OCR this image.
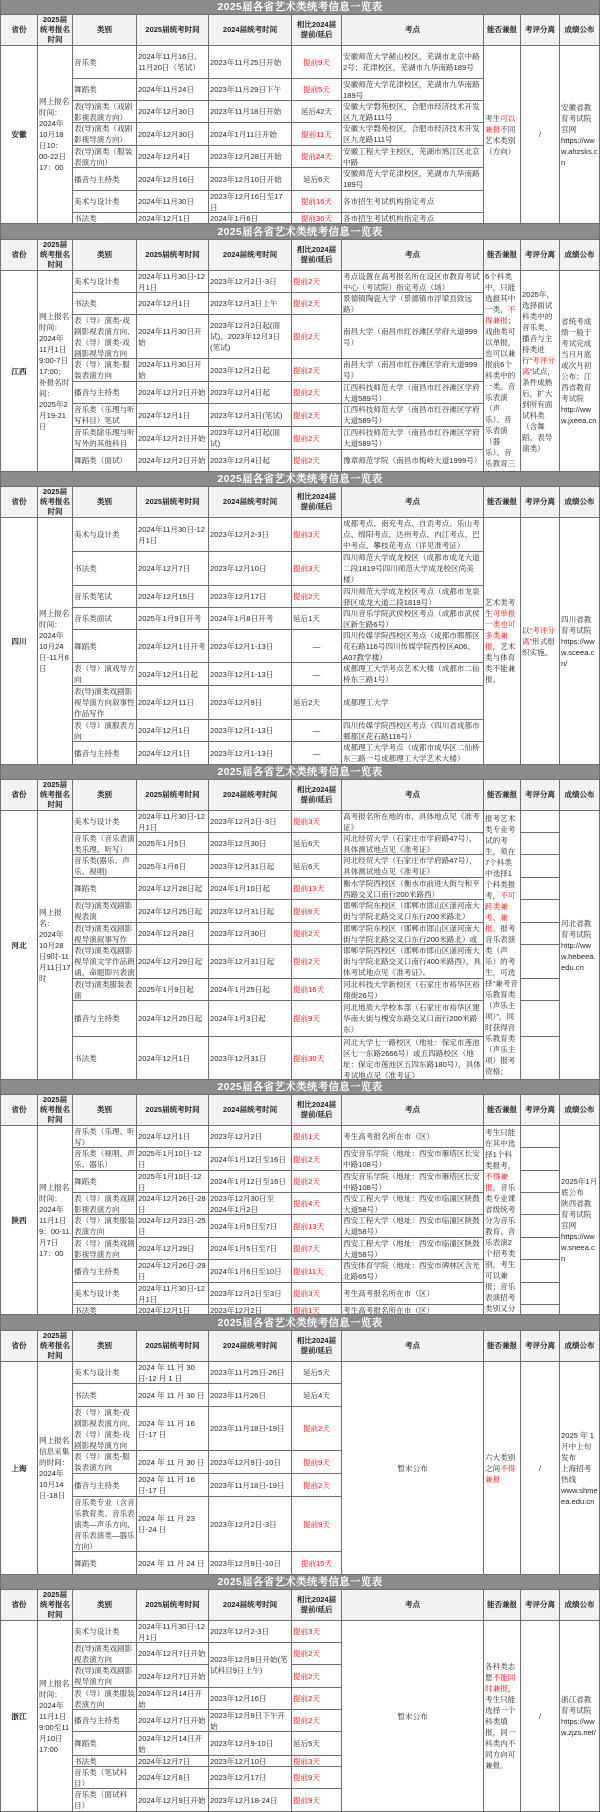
2025届各省艺术类统考信息一览表
省份
2025届统考报名时间
类别	2025届统考时间	2024届统考时间
相比2024届提前/延后
考点	能否兼报	考评分离	成绩公布
安徽
网上报名时间：2024年10月18日10：00-22日17：00
音乐类
2024年11月16日、11月20日（笔试）
2023年11月25日开始	提前9天
安徽师范大学赭山校区，芜湖市北京中路2号；花津校区，芜湖市九华南路189号
舞蹈类	2024年11月24日	2023年11月29日下午	提前5天
安徽师范大学花津校区，芜湖市九华南路189号
表(导)演类（戏剧影视表演方向）
2024年12月30日	2023年11月18日开始	延后42天
安徽大学磬苑校区，合肥市经济技术开发区九龙路111号
表(导)演类（戏剧影视导演方向）
2024年12月30日	2024年1月11日开始	提前11天
安徽大学磬苑校区，合肥市经济技术开发区九龙路111号
表(导)演类（服装表演方向）
2024年12月4日	2023年12月28日开始	提前24天
安徽工程大学主校区，芜湖市鸠江区北京中路
播音与主持类	2024年12月16日	2023年12月10日开始	延后6天
安徽师范大学花津校区，芜湖市九华南路189号
美术与设计类	2024年11月30日
2023年12月16日至17日
提前16天	各市招生考试机构指定考点
书法类	2024年12月1日	2024年1月6日	提前36天	各市招生考试机构指定考点
考生可以兼报不同艺术类别（方向）
/
安徽省教育考试院官网
https://www.ahzsks.cn
2025届各省艺术类统考信息一览表
省份
2025届统考报名时间
类别	2025届统考时间	2024届统考时间
相比2024届提前/延后
考点	能否兼报	考评分离	成绩公布
江西
网上报名时间：2024年11月1日9:00-7日17:00；补报名时间：2025年2月19-21日
美术与设计类
2024年11月30日-12月1日
2023年12月2日-3日	提前2天
考点设置在高考报名所在设区市教育考试中心（考试院）指定考点（场）
书法类	2024年12月1日	2023年12月3日上午	提前2天
景德镇陶瓷大学（景德镇市浮梁县致远路）
表（导）演类-戏剧影视表演方向、表（导）演类-戏剧影视导演方向
2024年11月30日开始
2023年12月2日起(面试)、2023年12月3日(笔试)
提前2天
南昌大学（南昌市红谷滩区学府大道999号）
表（导）演类-服装表演方向
2024年11月30日开始
2023年12月2日起	提前2天
南昌大学（南昌市红谷滩区学府大道999号）
播音与主持类	2024年12月2日开始 2023年12月4日起	提前2天
江西科技师范大学（南昌市红谷滩区学府大道589号）
音乐类（乐理与听写科目）笔试
2024年12月1日	2023年12月3日(笔试)	提前2天
江西科技师范大学（南昌市红谷滩区学府大道589号）
音乐类除乐理与听写外的其他科目
2024年12月2日开始
2023年12月4日起(面试)
提前2天
江西科技师范大学（南昌市红谷滩区学府大道589号）
舞蹈类（面试）	2024年12月2日开始 2023年12月4日起	提前2天	豫章师范学院（南昌市梅岭大道1999号）
6个科类中，只能选报其中一类，不得兼报；戏曲类可以单报，也可以兼报前6个科类中的一类。音乐表演（声乐）、音乐表演（器乐）、音乐教育三
2025年，选择面试科类中的音乐类、播音与主持类进行“考评分离”试点，条件成熟后，扩大到所有面试科类（含舞蹈、表导演类）
省统考成绩一般于考试完成当月月底或次月初公布；江西省教育考试院
http://www.jxeea.cn
2025届各省艺术类统考信息一览表
省份
2025届统考报名时间
类别	2025届统考时间	2024届统考时间
相比2024届提前/延后
考点	能否兼报	考评分离	成绩公布
四川
网上报名时间：2024年10月24日-11月6日
美术与设计类
2024年11月30日-12月1日
2023年12月2-3日	提前3天
成都考点、南充考点、自贡考点、乐山考点、绵阳考点、达州考点、内江考点、巴中考点、攀枝花考点（详见准考证）
书法类	2024年12月7日	2023年12月10日	提前3天
四川师范大学成龙校区（成都市成龙大道二段1819号四川师范大学成龙校区尚美楼）
音乐类笔试	2024年12月15日	2023年12月17日	提前2天
四川师范大学成龙校区考点（成都市龙泉驿区成龙大道二段1819号）
音乐类面试	2025年1月9日开考	2024年1月8日开考	延后1天
四川音乐学院武侯校区考点（成都市武侯区新生路6号）
舞蹈类	2024年12月1日开考 2023年12月1-13日	—
四川传媒学院西校区考点（成都市郫都区花石路116号四川传媒学院西校区A06、A07教学楼）
表（导）演戏导方向
2024年12月1日起	2023年12月1-13日	—
成都理工大学考点艺术大楼（成都市二仙桥东三路1号）
表(导)演类戏剧影视导演方向叙事性作品写作
2024年12月11日	2023年12月9日	延后2天	成都理工大学
表（导）演服表方向
2024年12月1日	2023年12月1-13日	—
四川传媒学院西校区考点（四川省成都市郫都区花石路116号）
播音与主持类	2024年12月1日	2023年12月1-13日	—
成都理工大学考点（成都市成华区二仙桥东三路一号成都理工大学艺术大楼）
艺术类考生可单报一类也可多类兼报，艺术类与体育类不能兼报。
以“考评分离”形式组织实施。
四川省教育考试院
https://www.sceea.cn/
2025届各省艺术类统考信息一览表
省份
2025届统考报名时间
类别	2025届统考时间	2024届统考时间
相比2024届提前/延后
考点	能否兼报	考评分离	成绩公布
河北
网上报名：2024年10月28日9时-11月11日17时
美术与设计类
2024年11月30日-12月1日
2023年12月2日-3日	提前3天
高考报名所在地的市，具体地点见《准考证》
音乐类（音乐表演类乐理、听写）
2025年1月5日	2023年12月30日	延后6天
河北经贸大学（石家庄市学府路47号），具体测试地点见《准考证》
音乐类(器乐、声乐、视唱)
2025年1月6日	2023年12月31日起	延后6天
河北经贸大学（石家庄市学府路47号），具体测试地点见《准考证》
舞蹈类	2024年12月28日起	2024年1月10日起	提前13天
衡水学院西校区（衡水市前进大街与和平西路交叉口南行200米路西）
表(导)演类戏剧影视表演
2024年12月25日起	2023年12月31日起	提前6天
邯郸学院东校区（邯郸市邯山区滏河南大街与学院北路交叉口东行200米路北）
表(导)演类戏剧影视导演叙事写作
2024年12月28日	2023年12月30日	提前2天
邯郸学院东校区（邯郸市邯山区滏河南大街与学院北路交叉口东行200米路北）或
表(导)演类戏剧影视导演文学作品朗诵、命题即兴表演
2024年12月29日起	2023年12月31日起	提前2天
邯郸学院西校区（邯郸市邯山区滏河南大街与学院北路交叉口南行400米路西），具体考试地点见《准考证》。
表(导)演类服装表演
2025年1月9日起	2024年1月25日起	提前16天
河北科技大学新校区（石家庄市裕华区裕翔街26号）
播音与主持类	2024年12月25日起	2024年1月3日起	提前9天
河北地质大学校本部（石家庄市裕华区建华南大街与槐安东路交叉口南行200米路东）
书法类	2024年12月1日	2023年12月31日	提前30天
河北大学七一路校区（地址：保定市莲池区七一东路2666号）或五四路校区（地址：保定市莲池区五四东路180号），具体考试地点见《准考证》
报考艺术类专业考试的考生，须在7个科类中选择1个科类报考，不可跨类兼考、兼报。报考音乐表演类（声乐）的考生，可选择“兼考音乐教育类（声乐主项）”，同时获得音乐教育类（声乐主项）报考资格；
河北省教育考试院
http://www.hebeea.edu.cn
2025届各省艺术类统考信息一览表
省份
2025届统考报名时间
类别	2025届统考时间	2024届统考时间
相比2024届提前/延后
考点	能否兼报	考评分离	成绩公布
陕西
网上报名时间：2024年11月1日9：00-11月7日17：00
音乐类（乐理、听写）
2024年12月1日	2023年12月2日	提前1天	考生高考报名所在市（区）
音乐类（视唱、声乐、器乐）
2025年1月10日-12日
2024年1月12日至16日 提前2天
西安音乐学院（地址：西安市雁塔区长安中路108号）
舞蹈类
2025年1月10日-12日
2024年1月12日至16日 提前2天
西安音乐学院（地址：西安市雁塔区长安中路108号）
表（导）演类戏剧影视表演方向
2024年12月26日-28日
2023年12月30日至2024年1月2日
提前4天
西安工程大学（地址：西安市临潼区陕鼓大道58号）
表（导）演类服装表演方向
2024年12月23日-25日
2024年1月5日至7日	提前13天
西安工程大学（地址：西安市临潼区陕鼓大道58号）
表（导）演类戏剧影视导演方向
2024年12月29日	2024年1月5日至7日	提前7天
西安工程大学（地址：西安市临潼区陕鼓大道58号）
播音与主持类
2024年12月26日-29日
2024年1月6日至10日	提前11天
西安体育学院（地址：西安市碑林区含光北路65号）
美术与设计类
2024年11月30日-12月1日
2023年12月2日至3日	提前3天	考生高考报名所在市（区）
书法类	2024年12月1日	2023年12月2日	提前1天	考生高考报名所在市（区）
考生只能在其中选择1个科类报考，不得兼报，音乐类专业课省级统考分为音乐教育、音乐表演2个招考类别，考生可以兼报；音乐表演招考类别又分
2025年1月底公布
陕西省教育考试院官网
https://www.sneea.cn
2025届各省艺术类统考信息一览表
省份
2025届统考报名时间
类别	2025届统考时间	2024届统考时间
相比2024届提前/延后
考点	能否兼报	考评分离	成绩公布
上海
网上报名信息采集的时间：2024年10月14日-18日
美术与设计类
2024 年 11 月 30 日-12 月 1 日
2023年11月25日-26日	延后5天
书法类	2024 年 11 月 30 日 2023年11月26日	延后4天
表（导）演类-戏剧影视表演方向、表（导）演类-戏剧影视导演方向
2024 年 11 月 16 日-17 日
2023年11月18日-19日	提前2天
表（导）演类-服装表演方向
2024 年 11 月 30 日 2023年12月9日-10日	提前9天
播音与主持类
2024 年 11 月 16 日-17 日
2023年11月18日-19日	提前2天
音乐类专业（含音乐教育类、音乐表演类—声乐方向、音乐表演类—器乐方向）
2024 年 11 月 23 日-24 日
2023年12月2日-3日	提前9天
舞蹈类	2024 年 11 月 24 日 2023年12月9日-10日	提前15天
暂未公布
六大类别之间不得兼报
/
2025 年 1 月中上旬发布
上海招考热线
www.shmeea.edu.cn
2025届各省艺术类统考信息一览表
省份
2025届统考报名时间
类别	2025届统考时间	2024届统考时间
相比2024届提前/延后
考点	能否兼报	考评分离	成绩公布
浙江
网上报名时间：2024年11月1日9:00至11月10日17:00
美术与设计类
2024年11月30日-12月1日
2023年12月2-3日	提前3天
表(导)演类戏剧影视表演方向
2024年12月7日开始
2023年12月9日开始(笔试科目9日上午)
提前2天
表(导)演类戏剧影视导演方向
2024年12月7日开始	提前2天
表（导）演类服装表演方向
2024年12月14日开始
2023年12月16日	提前2天
播音与主持类	2024年12月7日开始
2023年12月9日下午开始
提前2天
舞蹈类
2024年12月14日开始
2023年12月9-10日	延后5天
书法类	2024年12月7日	2023年12月10日	提前3天
音乐类（笔试科目）
2024年12月8日	2023年12月17日	提前9天
音乐类（面试科目）
2024年12月9日开始 2023年12月18-24日	提前9天
暂未公布
各科类志愿不能同时兼报，考生只能选择一个科类填报，同一科类内不同方向可兼报。
/
浙江省教育考试院
https://www.zjzs.net/
